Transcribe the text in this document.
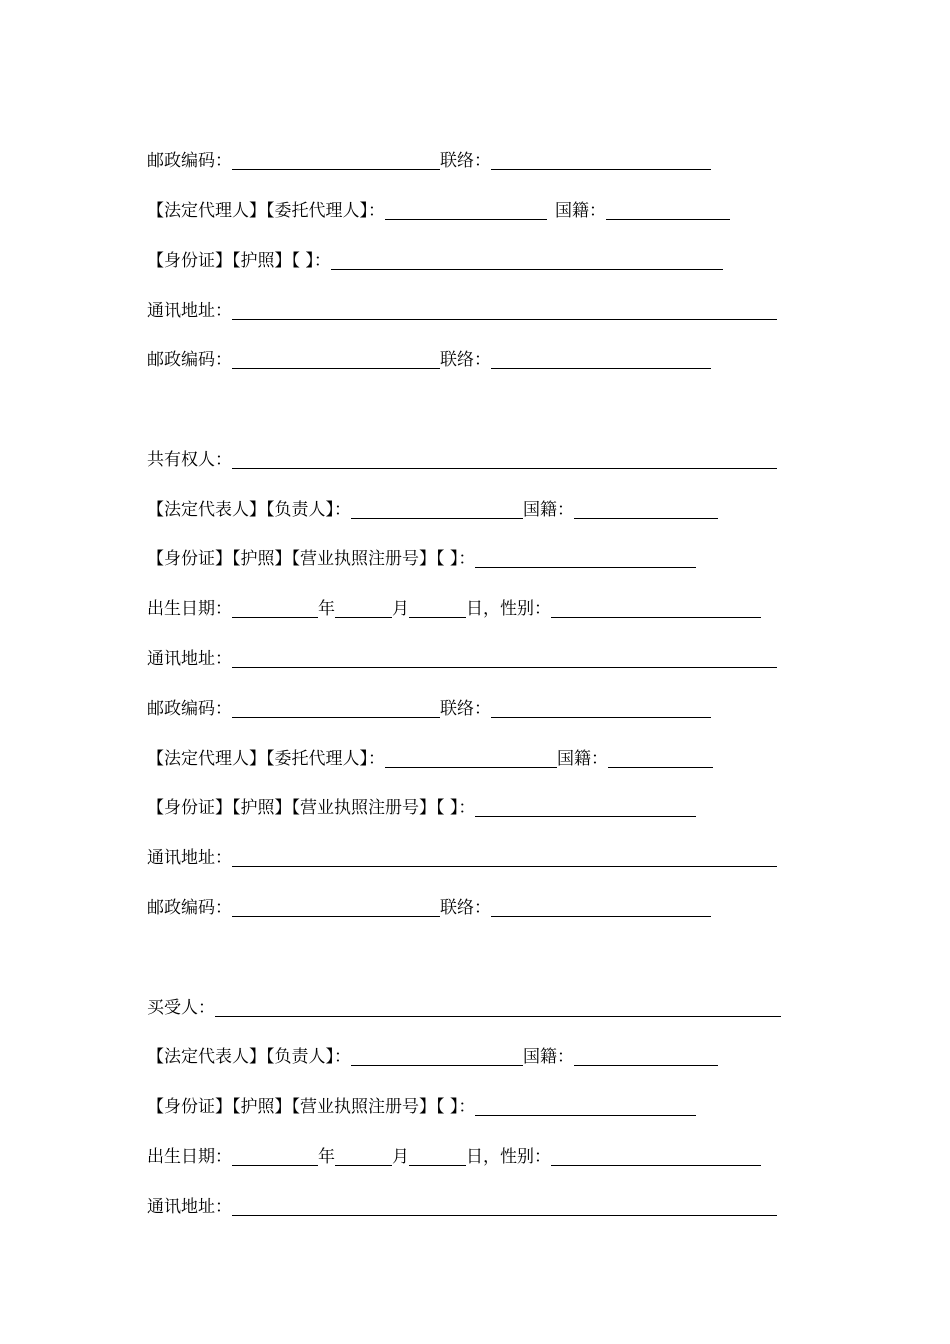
邮政编码：	联络：
【法定代理人】【委托代理人】：	国籍：
【身份证】【护照】【 】：
通讯地址：
邮政编码：	联络：
共有权人：
【法定代表人】【负责人】：	国籍：
【身份证】【护照】【营业执照注册号】【 】：
出生日期：	年	月	日，性别：
通讯地址：
邮政编码：	联络：
【法定代理人】【委托代理人】：	国籍：
【身份证】【护照】【营业执照注册号】【 】：
通讯地址：
邮政编码：	联络：
买受人：
【法定代表人】【负责人】：	国籍：
【身份证】【护照】【营业执照注册号】【 】：
出生日期：	年	月	日，性别：
通讯地址：
